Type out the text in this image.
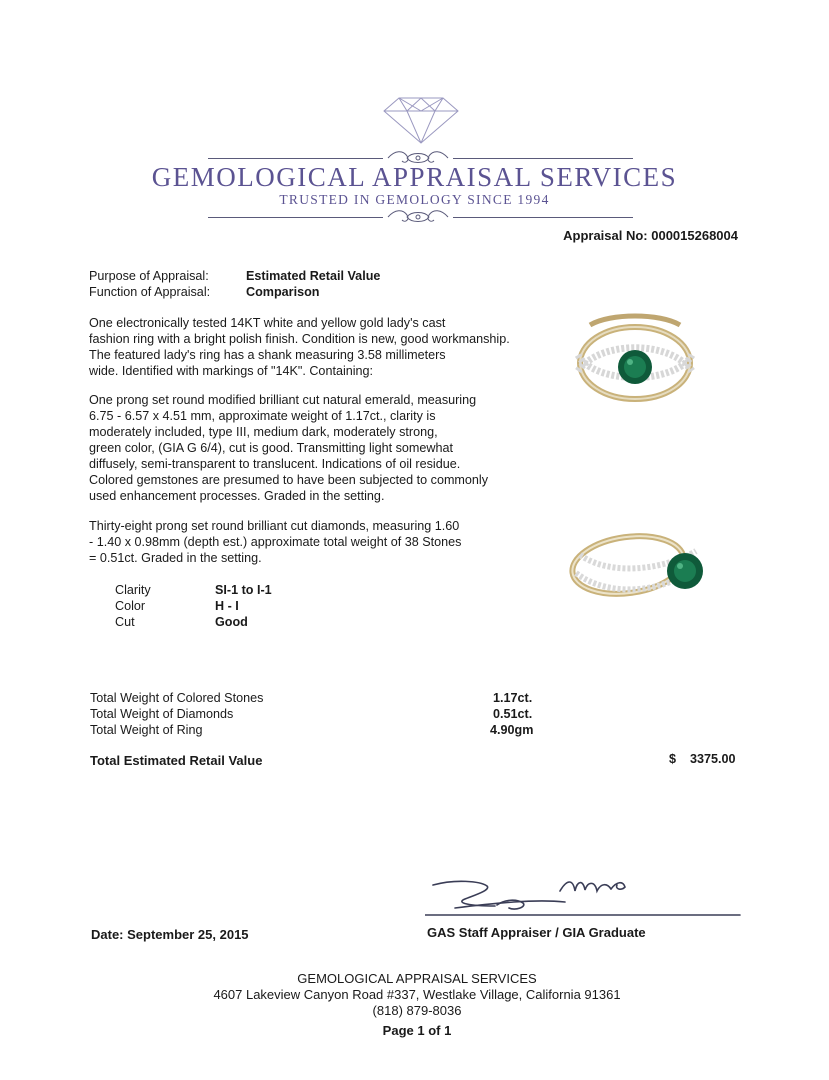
GEMOLOGICAL APPRAISAL SERVICES
TRUSTED IN GEMOLOGY SINCE 1994
Appraisal No: 000015268004
Purpose of Appraisal:	Estimated Retail Value
Function of Appraisal:	Comparison
One electronically tested 14KT white and yellow gold lady's cast
fashion ring with a bright polish finish. Condition is new, good workmanship.
The featured lady's ring has a shank measuring 3.58 millimeters
wide. Identified with markings of "14K". Containing:
One prong set round modified brilliant cut natural emerald, measuring
6.75 - 6.57 x 4.51 mm, approximate weight of 1.17ct., clarity is
moderately included, type III, medium dark, moderately strong,
green color, (GIA G 6/4), cut is good. Transmitting light somewhat
diffusely, semi-transparent to translucent. Indications of oil residue.
Colored gemstones are presumed to have been subjected to commonly
used enhancement processes. Graded in the setting.
Thirty-eight prong set round brilliant cut diamonds, measuring 1.60
- 1.40 x 0.98mm (depth est.) approximate total weight of 38 Stones
= 0.51ct. Graded in the setting.
Clarity	SI-1 to I-1
Color	H - I
Cut	Good
Total Weight of Colored Stones	1.17ct.
Total Weight of Diamonds	0.51ct.
Total Weight of Ring	4.90gm
Total Estimated Retail Value	$ 3375.00
Date: September 25, 2015	GAS Staff Appraiser / GIA Graduate
GEMOLOGICAL APPRAISAL SERVICES
4607 Lakeview Canyon Road #337, Westlake Village, California 91361
(818) 879-8036
Page 1 of 1
